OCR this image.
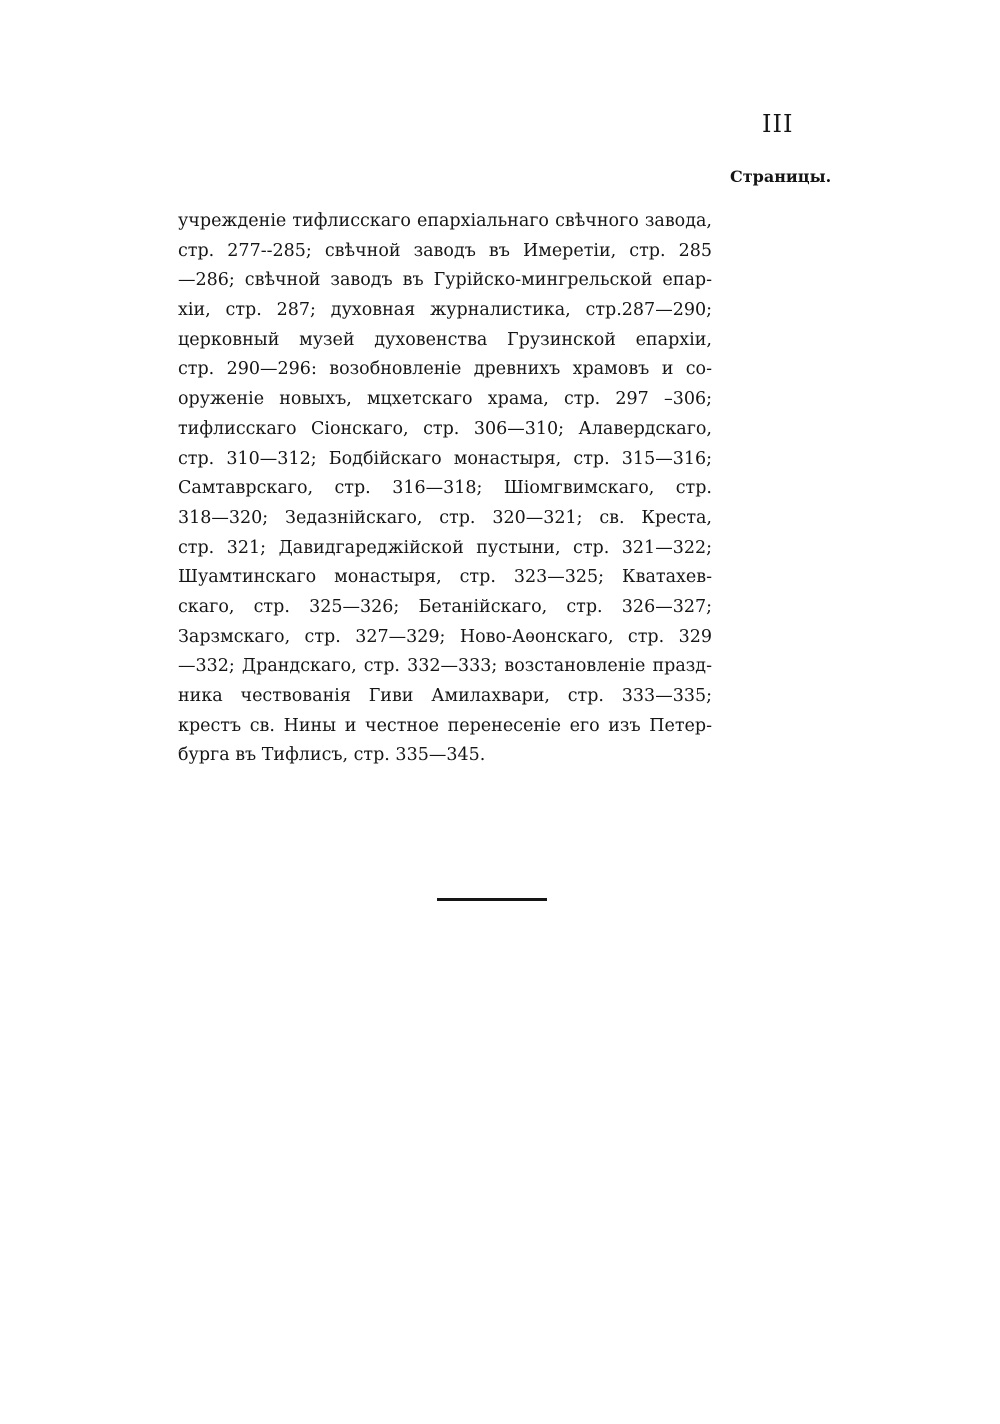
III

Страницы.

учрежденіе тифлисскаго епархіальнаго свѣчного завода,
стр. 277--285; свѣчной заводъ въ Имеретіи, стр. 285
—286; свѣчной заводъ въ Гурійско-мингрельской епар-
хіи, стр. 287; духовная журналистика, стр.287—290;
церковный музей духовенства Грузинской епархіи,
стр. 290—296: возобновленіе древнихъ храмовъ и со-
оруженіе новыхъ, мцхетскаго храма, стр. 297 –306;
тифлисскаго Сіонскаго, стр. 306—310; Алавердскаго,
стр. 310—312; Бодбійскаго монастыря, стр. 315—316;
Самтаврскаго, стр. 316—318; Шіомгвимскаго, стр.
318—320; Зедазнійскаго, стр. 320—321; св. Креста,
стр. 321; Давидгареджійской пустыни, стр. 321—322;
Шуамтинскаго монастыря, стр. 323—325; Кватахев-
скаго, стр. 325—326; Бетанійскаго, стр. 326—327;
Зарзмскаго, стр. 327—329; Ново-Аѳонскаго, стр. 329
—332; Драндскаго, стр. 332—333; возстановленіе празд-
ника чествованія Гиви Амилахвари, стр. 333—335;
крестъ св. Нины и честное перенесеніе его изъ Петер-
бурга въ Тифлисъ, стр. 335—345.
